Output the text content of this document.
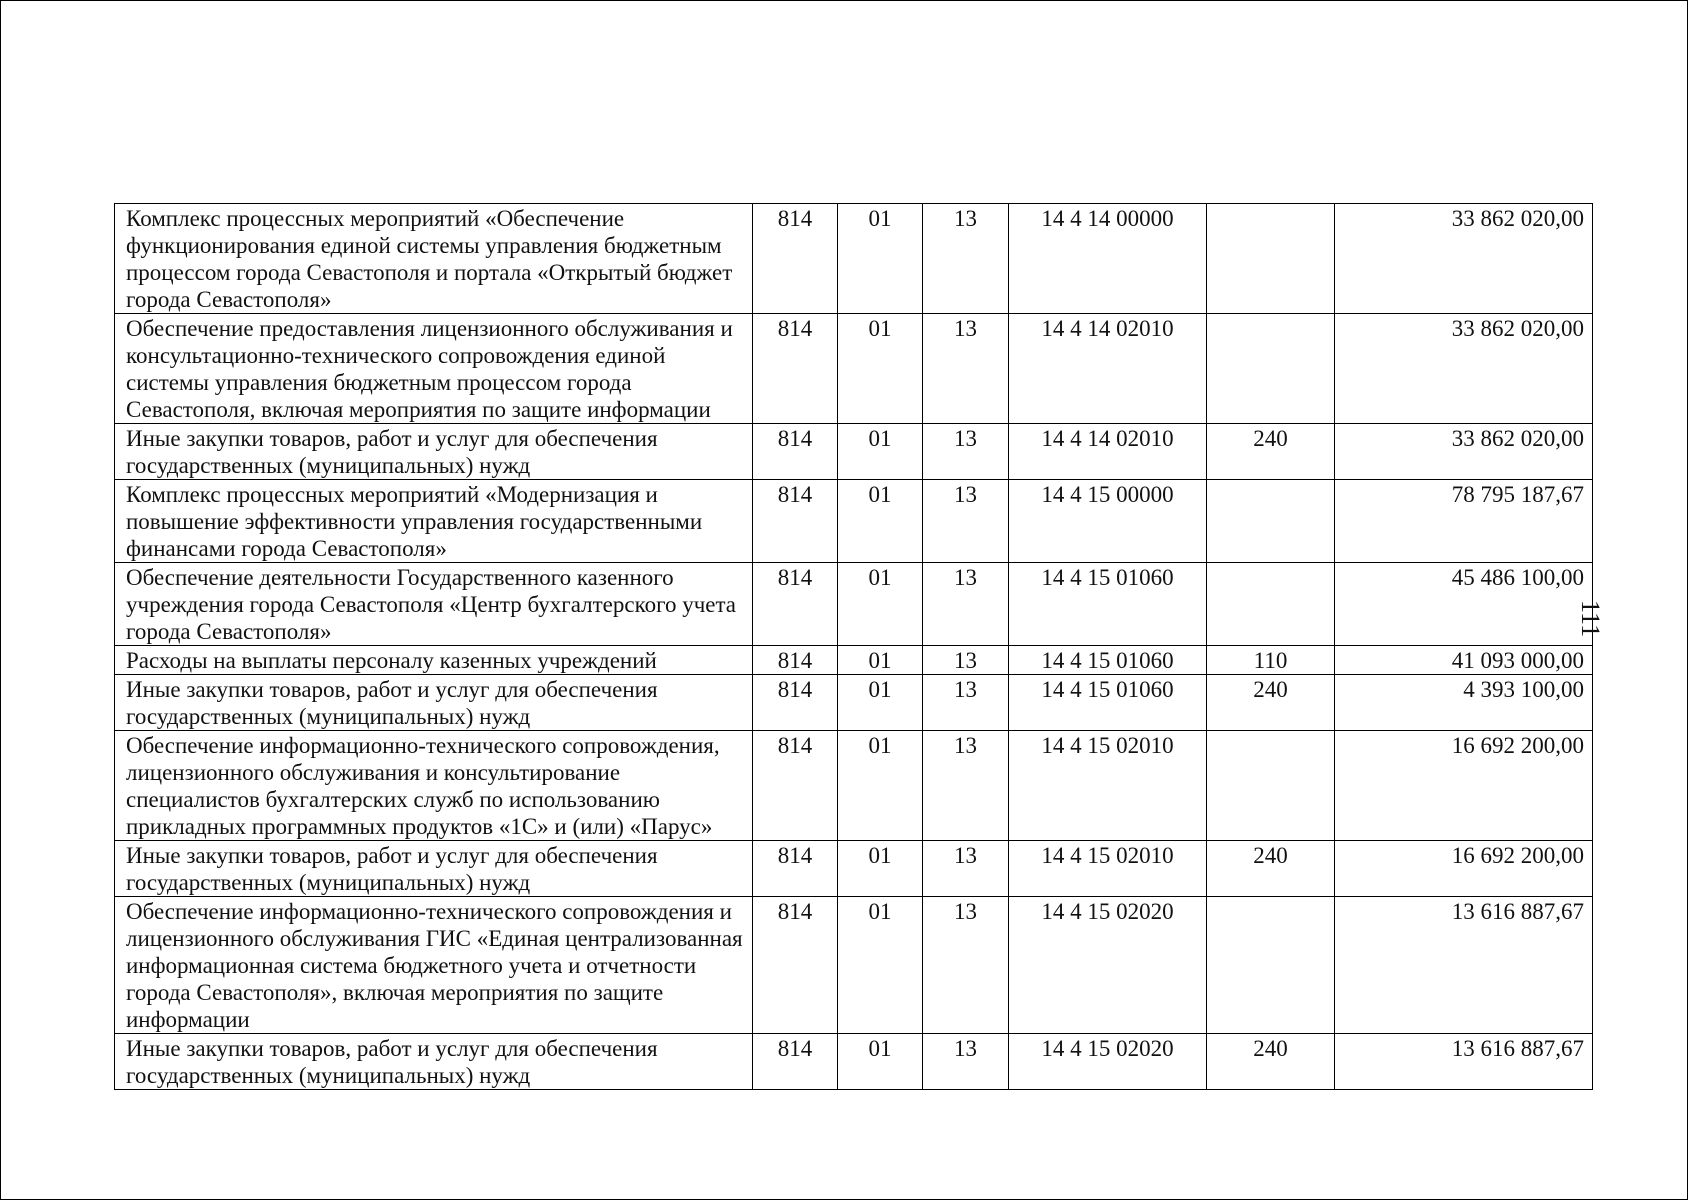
Комплекс процессных мероприятий «Обеспечение функционирования единой системы управления бюджетным процессом города Севастополя и портала «Открытый бюджет города Севастополя»	814	01	13	14 4 14 00000		33 862 020,00
Обеспечение предоставления лицензионного обслуживания и консультационно-технического сопровождения единой системы управления бюджетным процессом города Севастополя, включая мероприятия по защите информации	814	01	13	14 4 14 02010		33 862 020,00
Иные закупки товаров, работ и услуг для обеспечения государственных (муниципальных) нужд	814	01	13	14 4 14 02010	240	33 862 020,00
Комплекс процессных мероприятий «Модернизация и повышение эффективности управления государственными финансами города Севастополя»	814	01	13	14 4 15 00000		78 795 187,67
Обеспечение деятельности Государственного казенного учреждения города Севастополя «Центр бухгалтерского учета города Севастополя»	814	01	13	14 4 15 01060		45 486 100,00
Расходы на выплаты персоналу казенных учреждений	814	01	13	14 4 15 01060	110	41 093 000,00
Иные закупки товаров, работ и услуг для обеспечения государственных (муниципальных) нужд	814	01	13	14 4 15 01060	240	4 393 100,00
Обеспечение информационно-технического сопровождения, лицензионного обслуживания и консультирование специалистов бухгалтерских служб по использованию прикладных программных продуктов «1С» и (или) «Парус»	814	01	13	14 4 15 02010		16 692 200,00
Иные закупки товаров, работ и услуг для обеспечения государственных (муниципальных) нужд	814	01	13	14 4 15 02010	240	16 692 200,00
Обеспечение информационно-технического сопровождения и лицензионного обслуживания ГИС «Единая централизованная информационная система бюджетного учета и отчетности города Севастополя», включая мероприятия по защите информации	814	01	13	14 4 15 02020		13 616 887,67
Иные закупки товаров, работ и услуг для обеспечения государственных (муниципальных) нужд	814	01	13	14 4 15 02020	240	13 616 887,67
111
